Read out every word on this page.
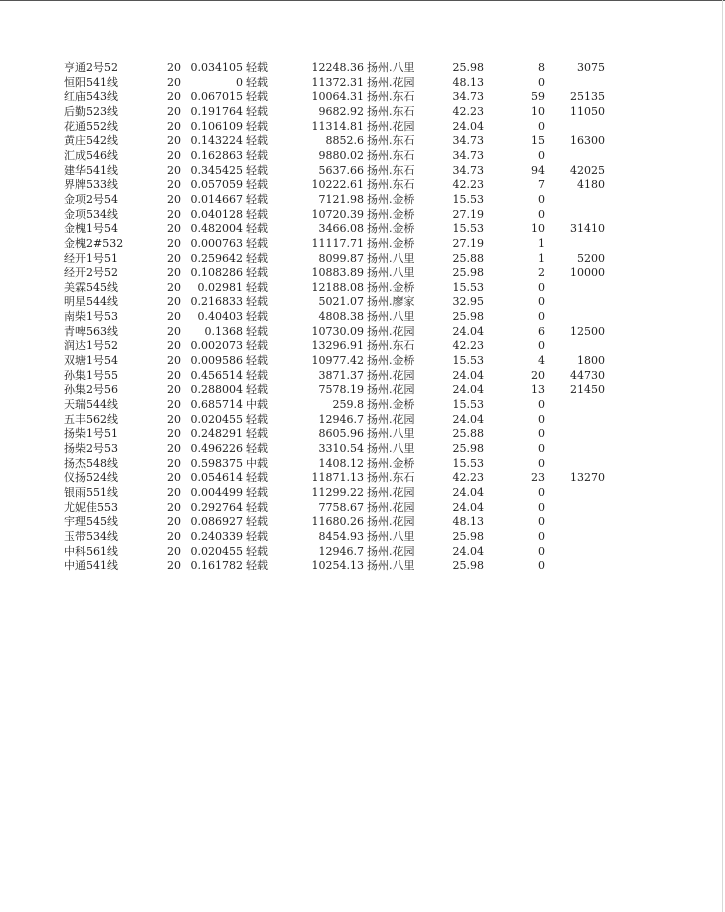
亨通2号52	20 0.034105 轻载	12248.36 扬州.八里	25.98	8	3075
恒阳541线	20	0 轻载	11372.31 扬州.花园	48.13	0
红庙543线	20 0.067015 轻载	10064.31 扬州.东石	34.73	59	25135
后勤523线	20 0.191764 轻载	9682.92 扬州.东石	42.23	10	11050
花通552线	20 0.106109 轻载	11314.81 扬州.花园	24.04	0
黄庄542线	20 0.143224 轻载	8852.6 扬州.东石	34.73	15	16300
汇成546线	20 0.162863 轻载	9880.02 扬州.东石	34.73	0
建华541线	20 0.345425 轻载	5637.66 扬州.东石	34.73	94	42025
界牌533线	20 0.057059 轻载	10222.61 扬州.东石	42.23	7	4180
金项2号54	20 0.014667 轻载	7121.98 扬州.金桥	15.53	0
金项534线	20 0.040128 轻载	10720.39 扬州.金桥	27.19	0
金槐1号54	20 0.482004 轻载	3466.08 扬州.金桥	15.53	10	31410
金槐2#532	20 0.000763 轻载	11117.71 扬州.金桥	27.19	1
经开1号51	20 0.259642 轻载	8099.87 扬州.八里	25.88	1	5200
经开2号52	20 0.108286 轻载	10883.89 扬州.八里	25.98	2	10000
美霖545线	20	0.02981 轻载	12188.08 扬州.金桥	15.53	0
明星544线	20 0.216833 轻载	5021.07 扬州.廖家	32.95	0
南柴1号53	20	0.40403 轻载	4808.38 扬州.八里	25.98	0
青啤563线	20	0.1368 轻载	10730.09 扬州.花园	24.04	6	12500
润达1号52	20 0.002073 轻载	13296.91 扬州.东石	42.23	0
双塘1号54	20 0.009586 轻载	10977.42 扬州.金桥	15.53	4	1800
孙集1号55	20 0.456514 轻载	3871.37 扬州.花园	24.04	20	44730
孙集2号56	20 0.288004 轻载	7578.19 扬州.花园	24.04	13	21450
天瑞544线	20 0.685714 中载	259.8 扬州.金桥	15.53	0
五丰562线	20 0.020455 轻载	12946.7 扬州.花园	24.04	0
扬柴1号51	20 0.248291 轻载	8605.96 扬州.八里	25.88	0
扬柴2号53	20 0.496226 轻载	3310.54 扬州.八里	25.98	0
扬杰548线	20 0.598375 中载	1408.12 扬州.金桥	15.53	0
仪扬524线	20 0.054614 轻载	11871.13 扬州.东石	42.23	23	13270
银雨551线	20 0.004499 轻载	11299.22 扬州.花园	24.04	0
尤妮佳553	20 0.292764 轻载	7758.67 扬州.花园	24.04	0
宇理545线	20 0.086927 轻载	11680.26 扬州.花园	48.13	0
玉带534线	20 0.240339 轻载	8454.93 扬州.八里	25.98	0
中科561线	20 0.020455 轻载	12946.7 扬州.花园	24.04	0
中通541线	20 0.161782 轻载	10254.13 扬州.八里	25.98	0
